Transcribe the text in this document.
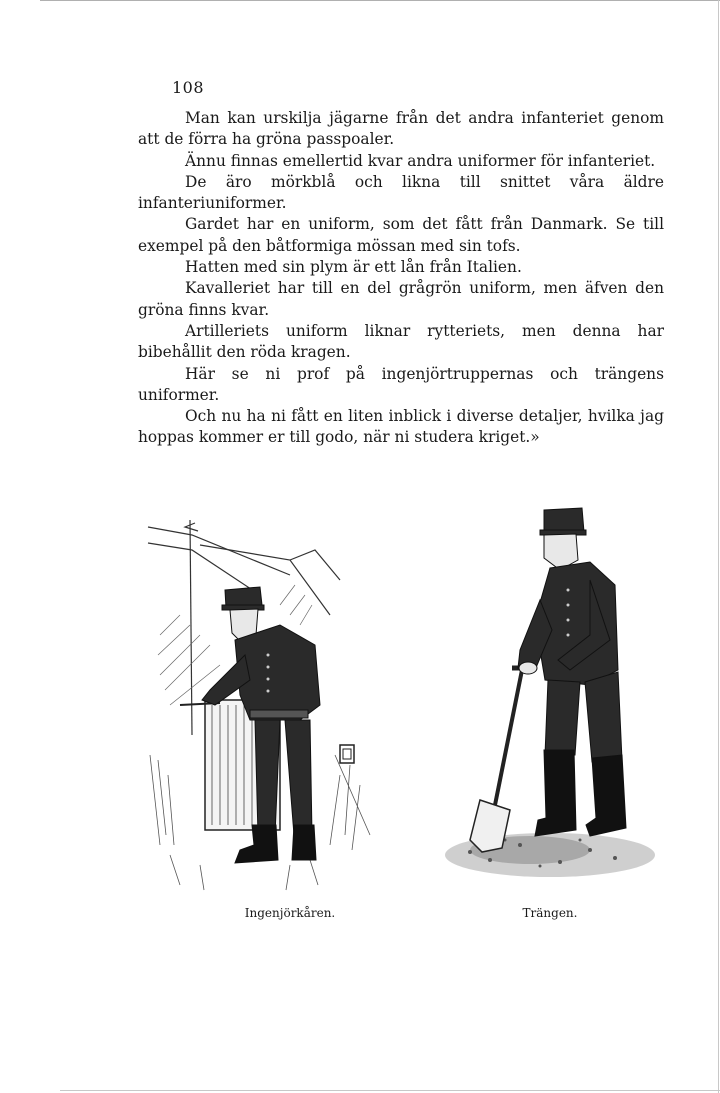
108

Man kan urskilja jägarne från det andra infanteriet genom att de förra ha gröna passpoaler.

Ännu finnas emellertid kvar andra uniformer för infanteriet.

De äro mörkblå och likna till snittet våra äldre infanteriuniformer.

Gardet har en uniform, som det fått från Danmark. Se till exempel på den båtformiga mössan med sin tofs.

Hatten med sin plym är ett lån från Italien.

Kavalleriet har till en del grågrön uniform, men äfven den gröna finns kvar.

Artilleriets uniform liknar rytteriets, men denna har bibehållit den röda kragen.

Här se ni prof på ingenjörtruppernas och trängens uniformer.

Och nu ha ni fått en liten inblick i diverse detaljer, hvilka jag hoppas kommer er till godo, när ni studera kriget.»

Ingenjörkåren.	Trängen.
